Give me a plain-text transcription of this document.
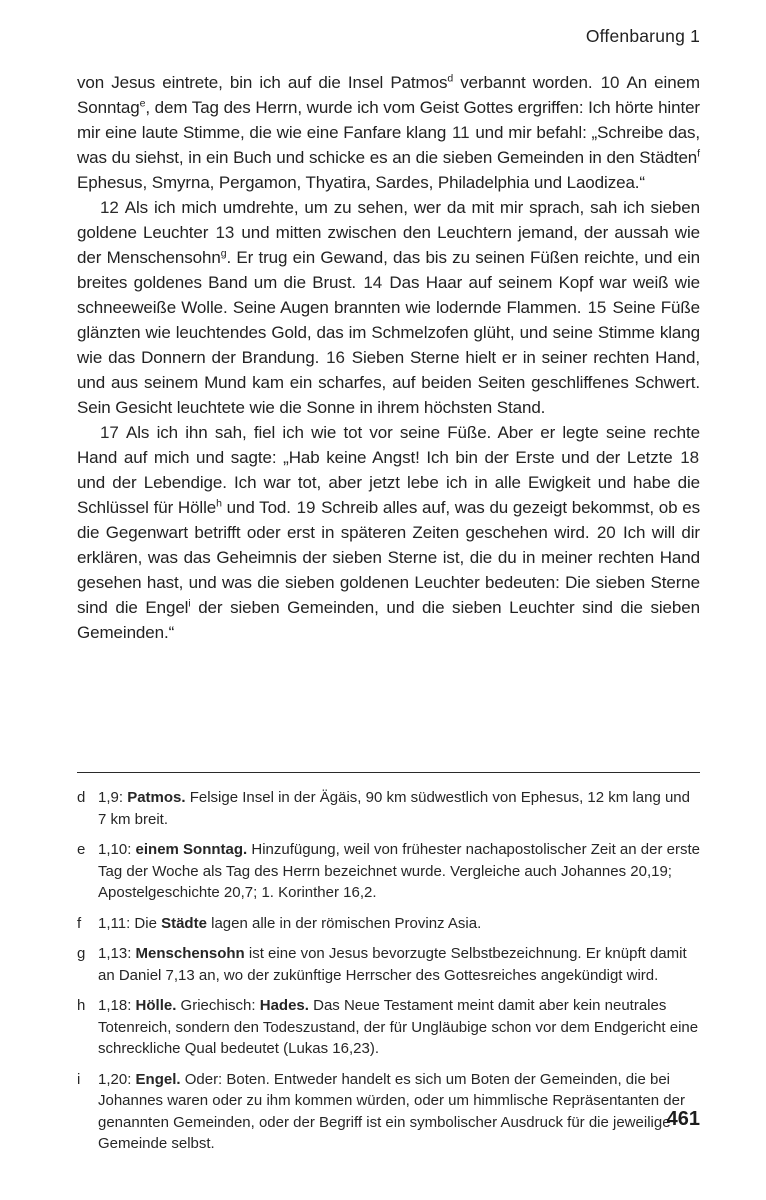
Offenbarung 1

von Jesus eintrete, bin ich auf die Insel Patmos$^d$ verbannt worden. 10 An einem Sonntag$^e$, dem Tag des Herrn, wurde ich vom Geist Gottes ergriffen: Ich hörte hinter mir eine laute Stimme, die wie eine Fanfare klang 11 und mir befahl: „Schreibe das, was du siehst, in ein Buch und schicke es an die sieben Gemeinden in den Städten$^f$ Ephesus, Smyrna, Pergamon, Thyatira, Sardes, Philadelphia und Laodizea.“

12 Als ich mich umdrehte, um zu sehen, wer da mit mir sprach, sah ich sieben goldene Leuchter 13 und mitten zwischen den Leuchtern jemand, der aussah wie der Menschensohn$^g$. Er trug ein Gewand, das bis zu seinen Füßen reichte, und ein breites goldenes Band um die Brust. 14 Das Haar auf seinem Kopf war weiß wie schneeweiße Wolle. Seine Augen brannten wie lodernde Flammen. 15 Seine Füße glänzten wie leuchtendes Gold, das im Schmelzofen glüht, und seine Stimme klang wie das Donnern der Brandung. 16 Sieben Sterne hielt er in seiner rechten Hand, und aus seinem Mund kam ein scharfes, auf beiden Seiten geschliffenes Schwert. Sein Gesicht leuchtete wie die Sonne in ihrem höchsten Stand.

17 Als ich ihn sah, fiel ich wie tot vor seine Füße. Aber er legte seine rechte Hand auf mich und sagte: „Hab keine Angst! Ich bin der Erste und der Letzte 18 und der Lebendige. Ich war tot, aber jetzt lebe ich in alle Ewigkeit und habe die Schlüssel für Hölle$^h$ und Tod. 19 Schreib alles auf, was du gezeigt bekommst, ob es die Gegenwart betrifft oder erst in späteren Zeiten geschehen wird. 20 Ich will dir erklären, was das Geheimnis der sieben Sterne ist, die du in meiner rechten Hand gesehen hast, und was die sieben goldenen Leuchter bedeuten: Die sieben Sterne sind die Engel$^i$ der sieben Gemeinden, und die sieben Leuchter sind die sieben Gemeinden.“

d 1,9: Patmos. Felsige Insel in der Ägäis, 90 km südwestlich von Ephesus, 12 km lang und 7 km breit.
e 1,10: einem Sonntag. Hinzufügung, weil von frühester nachapostolischer Zeit an der erste Tag der Woche als Tag des Herrn bezeichnet wurde. Vergleiche auch Johannes 20,19; Apostelgeschichte 20,7; 1. Korinther 16,2.
f	1,11: Die Städte lagen alle in der römischen Provinz Asia.
g 1,13: Menschensohn ist eine von Jesus bevorzugte Selbstbezeichnung. Er knüpft damit an Daniel 7,13 an, wo der zukünftige Herrscher des Gottesreiches angekündigt wird.
h 1,18: Hölle. Griechisch: Hades. Das Neue Testament meint damit aber kein neutrales Totenreich, sondern den Todeszustand, der für Ungläubige schon vor dem Endgericht eine schreckliche Qual bedeutet (Lukas 16,23).
i	1,20: Engel. Oder: Boten. Entweder handelt es sich um Boten der Gemeinden, die bei Johannes waren oder zu ihm kommen würden, oder um himmlische Repräsentanten der genannten Gemeinden, oder der Begriff ist ein symbolischer Ausdruck für die jeweilige Gemeinde selbst.
461
